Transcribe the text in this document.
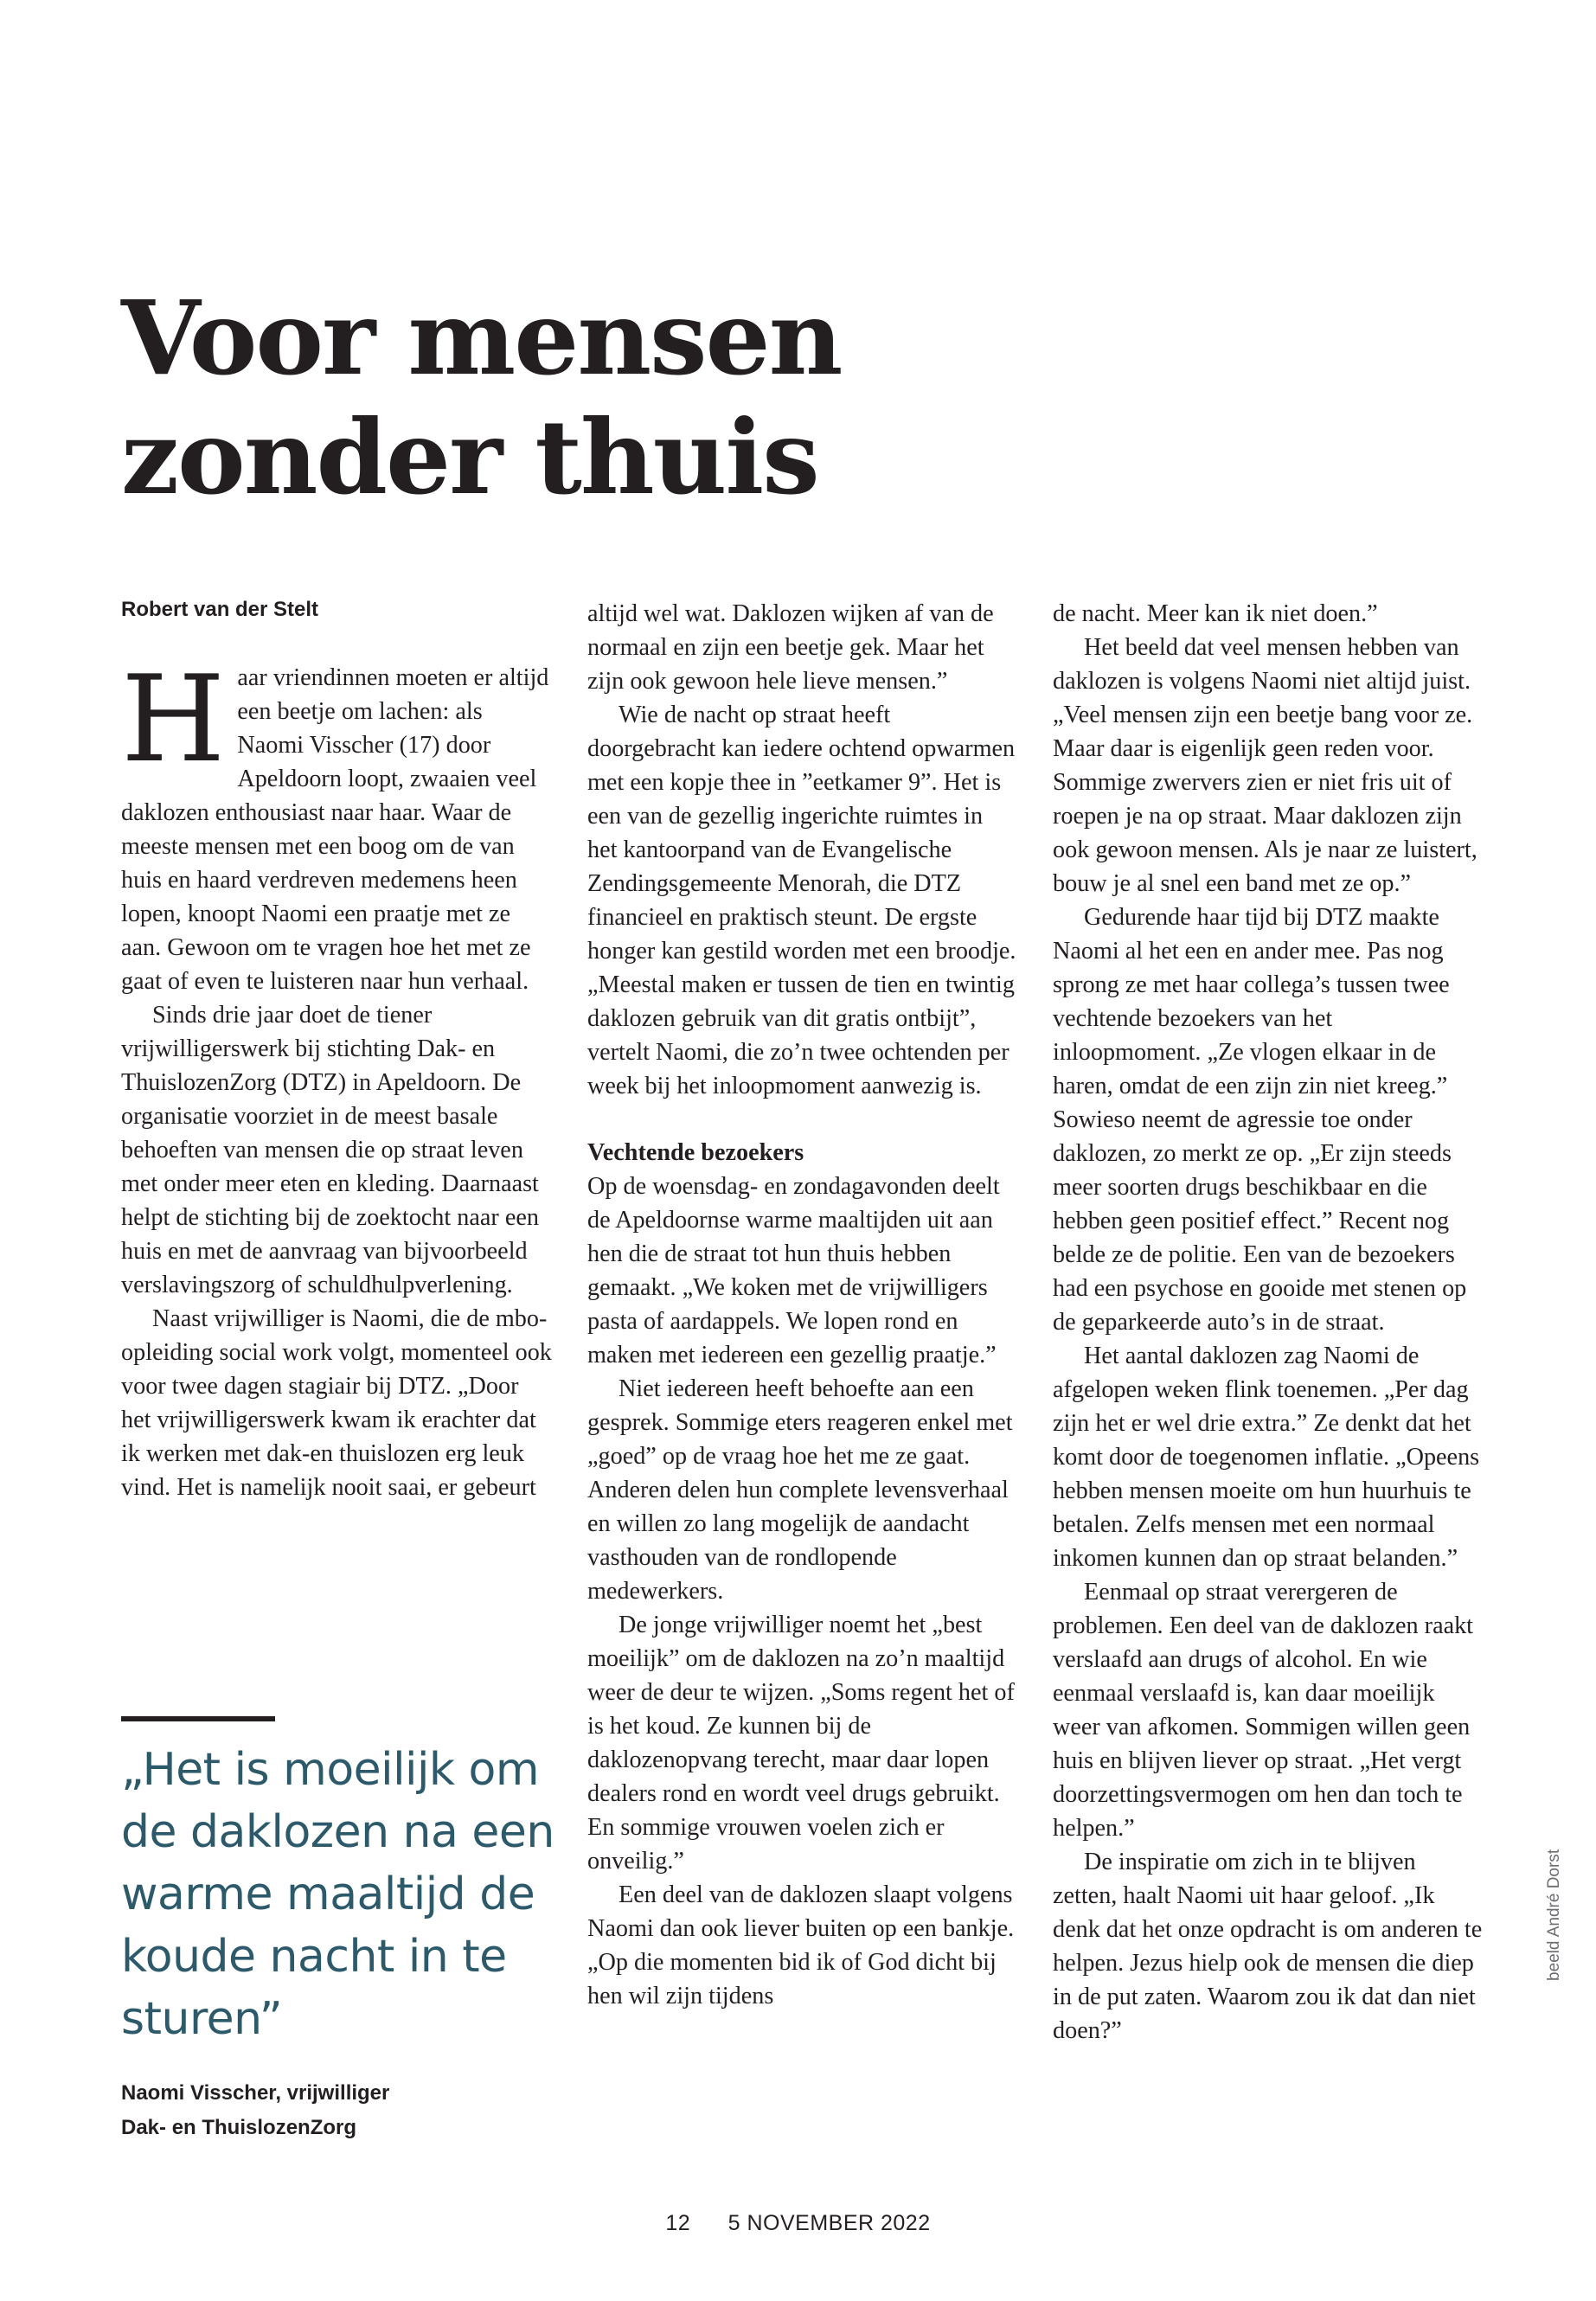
Voor mensen
zonder thuis
Robert van der Stelt

Haar vriendinnen moeten er altijd een beetje om lachen: als Naomi Visscher (17) door Apeldoorn loopt, zwaaien veel daklozen enthousiast naar haar. Waar de meeste mensen met een boog om de van huis en haard verdreven medemens heen lopen, knoopt Naomi een praatje met ze aan. Gewoon om te vragen hoe het met ze gaat of even te luisteren naar hun verhaal.

Sinds drie jaar doet de tiener vrijwilligerswerk bij stichting Dak- en ThuislozenZorg (DTZ) in Apeldoorn. De organisatie voorziet in de meest basale behoeften van mensen die op straat leven met onder meer eten en kleding. Daarnaast helpt de stichting bij de zoektocht naar een huis en met de aanvraag van bijvoorbeeld verslavingszorg of schuldhulpverlening.

Naast vrijwilliger is Naomi, die de mbo-opleiding social work volgt, momenteel ook voor twee dagen stagiair bij DTZ. „Door het vrijwilligerswerk kwam ik erachter dat ik werken met dak-en thuislozen erg leuk vind. Het is namelijk nooit saai, er gebeurt

„Het is moeilijk om de daklozen na een warme maaltijd de koude nacht in te sturen”

Naomi Visscher, vrijwilliger
Dak- en ThuislozenZorg

altijd wel wat. Daklozen wijken af van de normaal en zijn een beetje gek. Maar het zijn ook gewoon hele lieve mensen.”

Wie de nacht op straat heeft doorgebracht kan iedere ochtend opwarmen met een kopje thee in ”eetkamer 9”. Het is een van de gezellig ingerichte ruimtes in het kantoorpand van de Evangelische Zendingsgemeente Menorah, die DTZ financieel en praktisch steunt. De ergste honger kan gestild worden met een broodje. „Meestal maken er tussen de tien en twintig daklozen gebruik van dit gratis ontbijt”, vertelt Naomi, die zo’n twee ochtenden per week bij het inloopmoment aanwezig is.

Vechtende bezoekers

Op de woensdag- en zondagavonden deelt de Apeldoornse warme maaltijden uit aan hen die de straat tot hun thuis hebben gemaakt. „We koken met de vrijwilligers pasta of aardappels. We lopen rond en maken met iedereen een gezellig praatje.”

Niet iedereen heeft behoefte aan een gesprek. Sommige eters reageren enkel met „goed” op de vraag hoe het me ze gaat. Anderen delen hun complete levensverhaal en willen zo lang mogelijk de aandacht vasthouden van de rondlopende medewerkers.

De jonge vrijwilliger noemt het „best moeilijk” om de daklozen na zo’n maaltijd weer de deur te wijzen. „Soms regent het of is het koud. Ze kunnen bij de daklozenopvang terecht, maar daar lopen dealers rond en wordt veel drugs gebruikt. En sommige vrouwen voelen zich er onveilig.”

Een deel van de daklozen slaapt volgens Naomi dan ook liever buiten op een bankje. „Op die momenten bid ik of God dicht bij hen wil zijn tijdens

de nacht. Meer kan ik niet doen.”

Het beeld dat veel mensen hebben van daklozen is volgens Naomi niet altijd juist. „Veel mensen zijn een beetje bang voor ze. Maar daar is eigenlijk geen reden voor. Sommige zwervers zien er niet fris uit of roepen je na op straat. Maar daklozen zijn ook gewoon mensen. Als je naar ze luistert, bouw je al snel een band met ze op.”

Gedurende haar tijd bij DTZ maakte Naomi al het een en ander mee. Pas nog sprong ze met haar collega’s tussen twee vechtende bezoekers van het inloopmoment. „Ze vlogen elkaar in de haren, omdat de een zijn zin niet kreeg.” Sowieso neemt de agressie toe onder daklozen, zo merkt ze op. „Er zijn steeds meer soorten drugs beschikbaar en die hebben geen positief effect.” Recent nog belde ze de politie. Een van de bezoekers had een psychose en gooide met stenen op de geparkeerde auto’s in de straat.

Het aantal daklozen zag Naomi de afgelopen weken flink toenemen. „Per dag zijn het er wel drie extra.” Ze denkt dat het komt door de toegenomen inflatie. „Opeens hebben mensen moeite om hun huurhuis te betalen. Zelfs mensen met een normaal inkomen kunnen dan op straat belanden.”

Eenmaal op straat verergeren de problemen. Een deel van de daklozen raakt verslaafd aan drugs of alcohol. En wie eenmaal verslaafd is, kan daar moeilijk weer van afkomen. Sommigen willen geen huis en blijven liever op straat. „Het vergt doorzettingsvermogen om hen dan toch te helpen.”

De inspiratie om zich in te blijven zetten, haalt Naomi uit haar geloof. „Ik denk dat het onze opdracht is om anderen te helpen. Jezus hielp ook de mensen die diep in de put zaten. Waarom zou ik dat dan niet doen?”

beeld André Dorst
12 5 NOVEMBER 2022
